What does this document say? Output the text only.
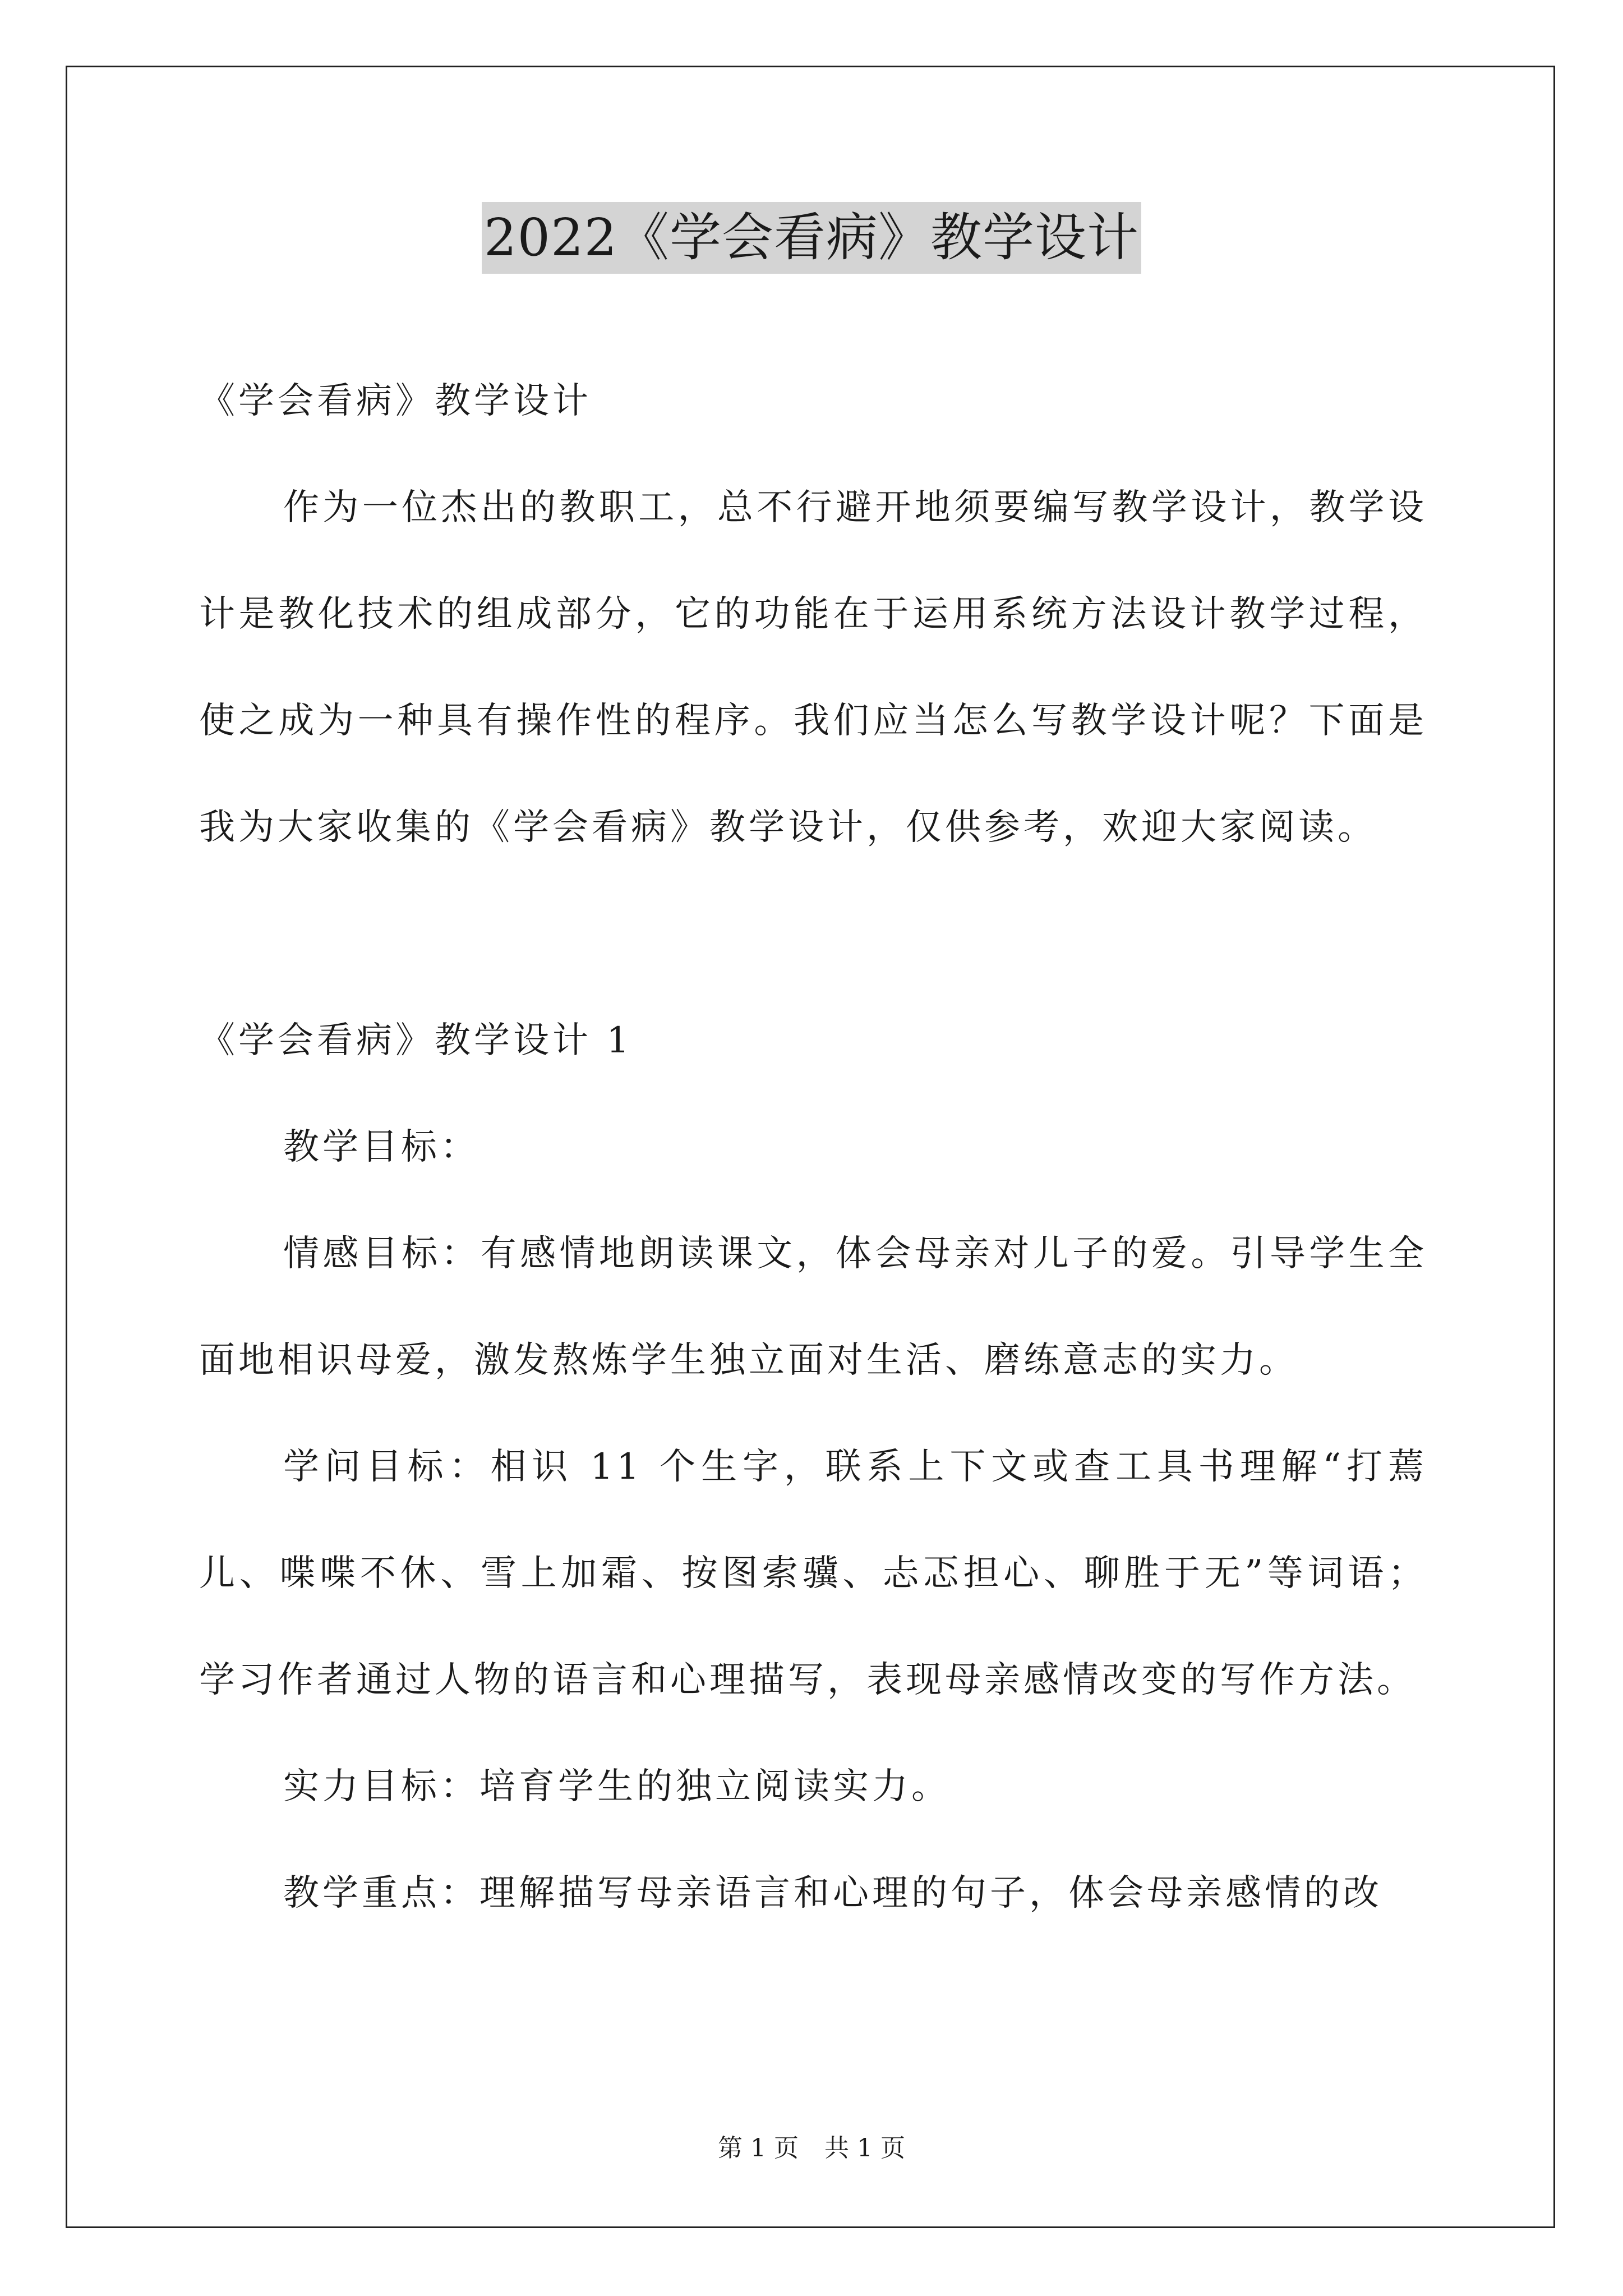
2022《学会看病》教学设计

《学会看病》教学设计

作为一位杰出的教职工，总不行避开地须要编写教学设计，教学设计是教化技术的组成部分，它的功能在于运用系统方法设计教学过程，使之成为一种具有操作性的程序。我们应当怎么写教学设计呢？下面是我为大家收集的《学会看病》教学设计，仅供参考，欢迎大家阅读。

《学会看病》教学设计 1

教学目标：

情感目标：有感情地朗读课文，体会母亲对儿子的爱。引导学生全面地相识母爱，激发熬炼学生独立面对生活、磨练意志的实力。

学问目标：相识 11 个生字，联系上下文或查工具书理解“打蔫儿、喋喋不休、雪上加霜、按图索骥、忐忑担心、聊胜于无”等词语；学习作者通过人物的语言和心理描写，表现母亲感情改变的写作方法。

实力目标：培育学生的独立阅读实力。

教学重点：理解描写母亲语言和心理的句子，体会母亲感情的改

第 1 页 共 1 页
